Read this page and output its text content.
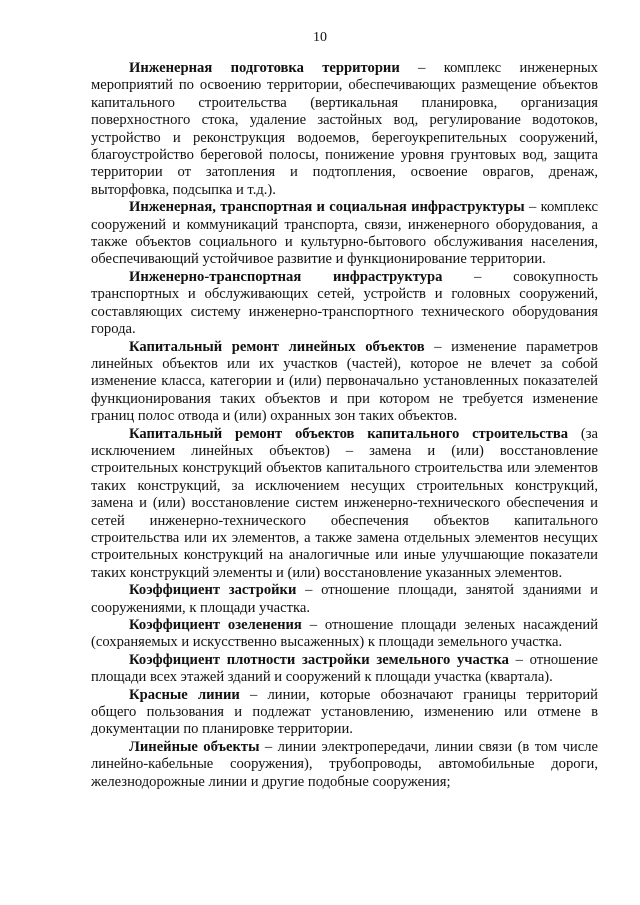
10

Инженерная подготовка территории – комплекс инженерных мероприятий по освоению территории, обеспечивающих размещение объектов капитального строительства (вертикальная планировка, организация поверхностного стока, удаление застойных вод, регулирование водотоков, устройство и реконструкция водоемов, берегоукрепительных сооружений, благоустройство береговой полосы, понижение уровня грунтовых вод, защита территории от затопления и подтопления, освоение оврагов, дренаж, выторфовка, подсыпка и т.д.).

Инженерная, транспортная и социальная инфраструктуры – комплекс сооружений и коммуникаций транспорта, связи, инженерного оборудования, а также объектов социального и культурно-бытового обслуживания населения, обеспечивающий устойчивое развитие и функционирование территории.

Инженерно-транспортная инфраструктура – совокупность транспортных и обслуживающих сетей, устройств и головных сооружений, составляющих систему инженерно-транспортного технического оборудования города.

Капитальный ремонт линейных объектов – изменение параметров линейных объектов или их участков (частей), которое не влечет за собой изменение класса, категории и (или) первоначально установленных показателей функционирования таких объектов и при котором не требуется изменение границ полос отвода и (или) охранных зон таких объектов.

Капитальный ремонт объектов капитального строительства (за исключением линейных объектов) – замена и (или) восстановление строительных конструкций объектов капитального строительства или элементов таких конструкций, за исключением несущих строительных конструкций, замена и (или) восстановление систем инженерно-технического обеспечения и сетей инженерно-технического обеспечения объектов капитального строительства или их элементов, а также замена отдельных элементов несущих строительных конструкций на аналогичные или иные улучшающие показатели таких конструкций элементы и (или) восстановление указанных элементов.

Коэффициент застройки – отношение площади, занятой зданиями и сооружениями, к площади участка.

Коэффициент озеленения – отношение площади зеленых насаждений (сохраняемых и искусственно высаженных) к площади земельного участка.

Коэффициент плотности застройки земельного участка – отношение площади всех этажей зданий и сооружений к площади участка (квартала).

Красные линии – линии, которые обозначают границы территорий общего пользования и подлежат установлению, изменению или отмене в документации по планировке территории.

Линейные объекты – линии электропередачи, линии связи (в том числе линейно-кабельные сооружения), трубопроводы, автомобильные дороги, железнодорожные линии и другие подобные сооружения;
